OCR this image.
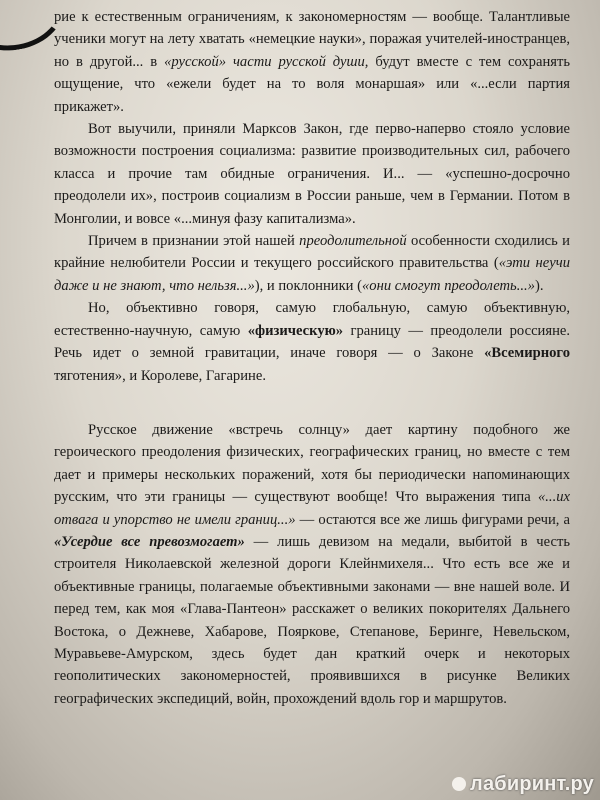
рие к естественным ограничениям, к закономерностям — вообще. Талантливые ученики могут на лету хватать «немецкие науки», поражая учителей-иностранцев, но в другой... в «русской» части русской души, будут вместе с тем сохранять ощущение, что «ежели будет на то воля монаршая» или «...если партия прикажет».

Вот выучили, приняли Марксов Закон, где перво-наперво стояло условие возможности построения социализма: развитие производительных сил, рабочего класса и прочие там обидные ограничения. И... — «успешно-досрочно преодолели их», построив социализм в России раньше, чем в Германии. Потом в Монголии, и вовсе «...минуя фазу капитализма».

Причем в признании этой нашей преодолительной особенности сходились и крайние нелюбители России и текущего российского правительства («эти неучи даже и не знают, что нельзя...»), и поклонники («они смогут преодолеть...»).

Но, объективно говоря, самую глобальную, самую объективную, естественно-научную, самую «физическую» границу — преодолели россияне. Речь идет о земной гравитации, иначе говоря — о Законе «Всемирного тяготения», и Королеве, Гагарине.

Русское движение «встречь солнцу» дает картину подобного же героического преодоления физических, географических границ, но вместе с тем дает и примеры нескольких поражений, хотя бы периодически напоминающих русским, что эти границы — существуют вообще! Что выражения типа «...их отвага и упорство не имели границ...» — остаются все же лишь фигурами речи, а «Усердие все превозмогает» — лишь девизом на медали, выбитой в честь строителя Николаевской железной дороги Клейнмихеля... Что есть все же и объективные границы, полагаемые объективными законами — вне нашей воле. И перед тем, как моя «Глава-Пантеон» расскажет о великих покорителях Дальнего Востока, о Дежневе, Хабарове, Пояркове, Степанове, Беринге, Невельском, Муравьеве-Амурском, здесь будет дан краткий очерк и некоторых геополитических закономерностей, проявившихся в рисунке Великих географических экспедиций, войн, прохождений вдоль гор и маршрутов.

лабиринт.ру
